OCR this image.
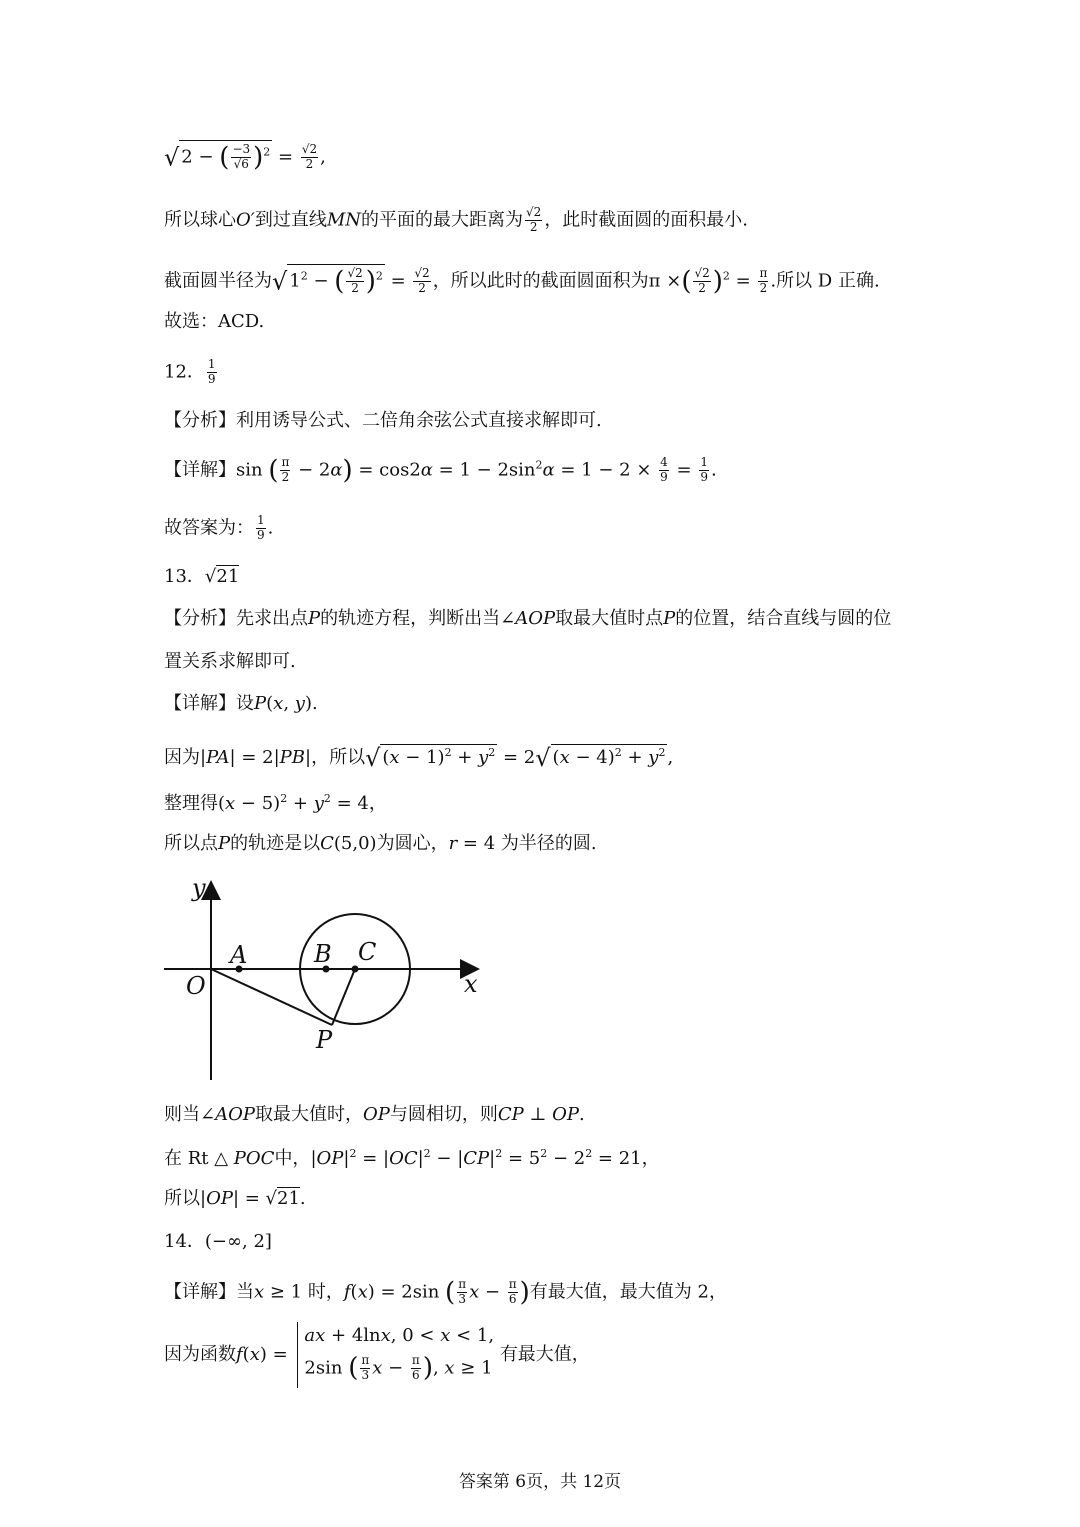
√ 2 − ( $\frac{-3}{√6} )^2 = \frac{√2}{2}$ ,
所以球心O′到过直线MN的平面的最大距离为 $\frac{√2}{2}$ ，此时截面圆的面积最小.
截面圆半径为√ $1^2$ − ( $\frac{√2}{2} )^2 = \frac{√2}{2}$ ，所以此时的截面圆面积为π ×( $\frac{√2}{2} )^2 = \frac{\pi}{2}$ .所以 D 正确.
故选：ACD.
12． $\frac{1}{9}$
【分析】利用诱导公式、二倍角余弦公式直接求解即可.
【详解】sin ( $\frac{\pi}{2} - 2\alpha) = \cos 2\alpha = 1 - 2\sin^2\alpha = 1 - 2 \times \frac{4}{9} = \frac{1}{9}$ .
故答案为： $\frac{1}{9}$ .
13．√21
【分析】先求出点P的轨迹方程，判断出当∠AOP取最大值时点P的位置，结合直线与圆的位
置关系求解即可.
【详解】设P(x, y).
因为|PA| = 2|PB|，所以√ $(x - 1)^2 + y^2 = 2√$ $(x - 4)^2 + y^2$ ,
整理得$(x - 5)^2 + y^2 = 4$，
所以点P的轨迹是以C(5,0)为圆心，r = 4 为半径的圆.
y
x
O
A	B C
P
则当∠AOP取最大值时，OP与圆相切，则CP ⊥ OP.
在 Rt △ POC中，$|OP|^2 = |OC|^2 - |CP|^2 = 5^2 - 2^2 = 21$，
所以|OP| = √21.
14．(−∞, 2]
【详解】当x ≥ 1 时，f(x) = 2sin ( $\frac{\pi}{3}$ $x - \frac{\pi}{6}$ )有最大值，最大值为 2，
因为函数f(x) =
ax + 4lnx, 0 < x < 1,
2sin ( $\frac{\pi}{3}$ $x - \frac{\pi}{6}$ ), x ≥ 1
有最大值，
答案第 6页，共 12页
